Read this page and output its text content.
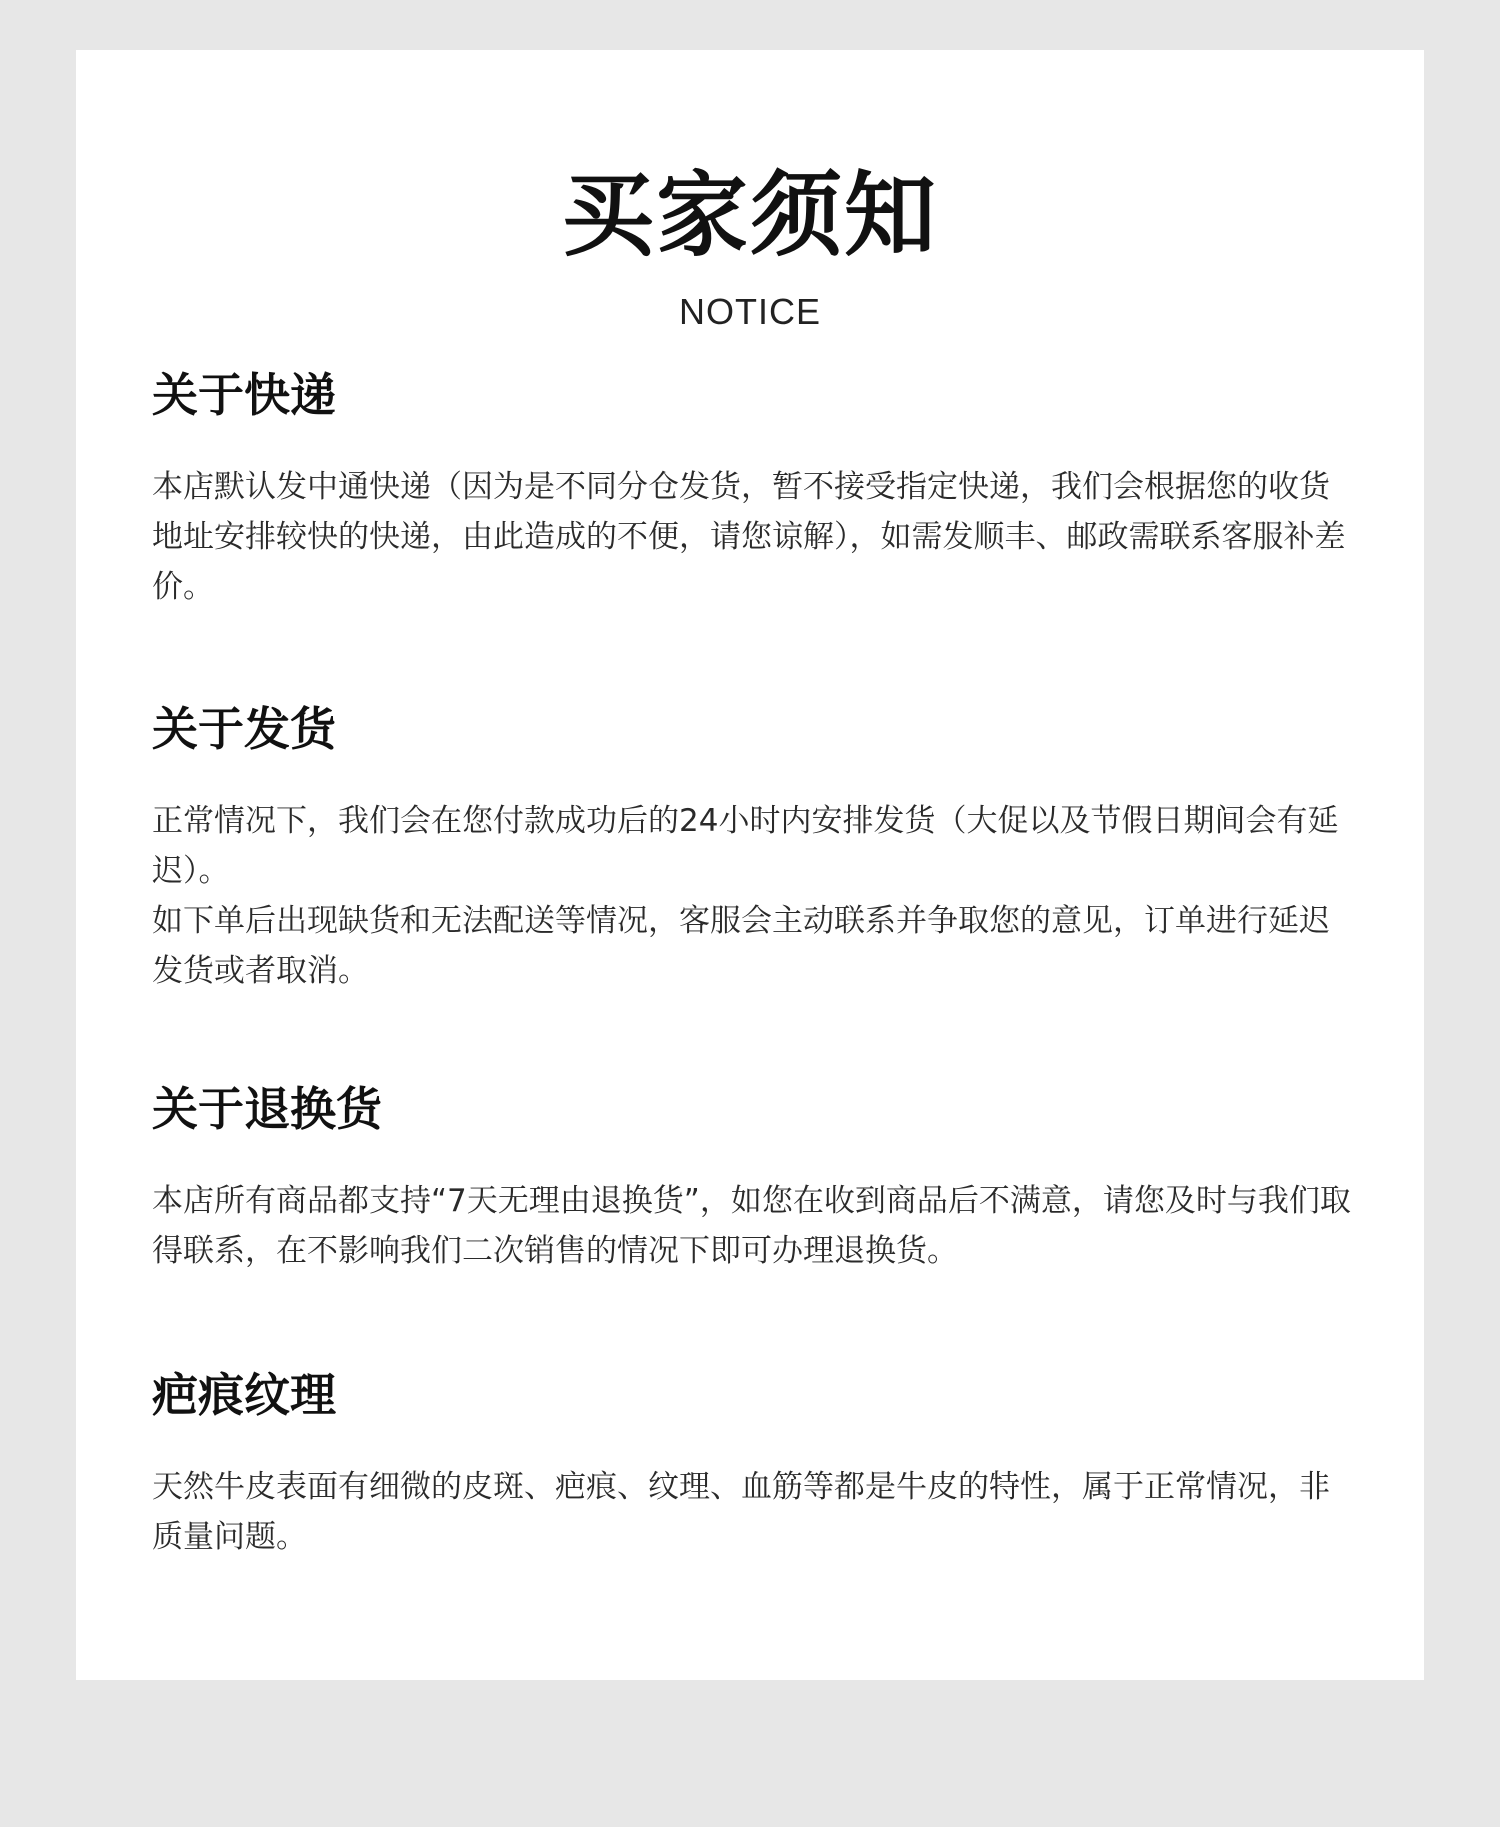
买家须知
NOTICE
关于快递
本店默认发中通快递（因为是不同分仓发货，暂不接受指定快递，我们会根据您的收货地址安排较快的快递，由此造成的不便，请您谅解），如需发顺丰、邮政需联系客服补差价。
关于发货
正常情况下，我们会在您付款成功后的24小时内安排发货（大促以及节假日期间会有延迟）。
如下单后出现缺货和无法配送等情况，客服会主动联系并争取您的意见，订单进行延迟发货或者取消。
关于退换货
本店所有商品都支持“7天无理由退换货”，如您在收到商品后不满意，请您及时与我们取得联系，在不影响我们二次销售的情况下即可办理退换货。
疤痕纹理
天然牛皮表面有细微的皮斑、疤痕、纹理、血筋等都是牛皮的特性，属于正常情况，非质量问题。
